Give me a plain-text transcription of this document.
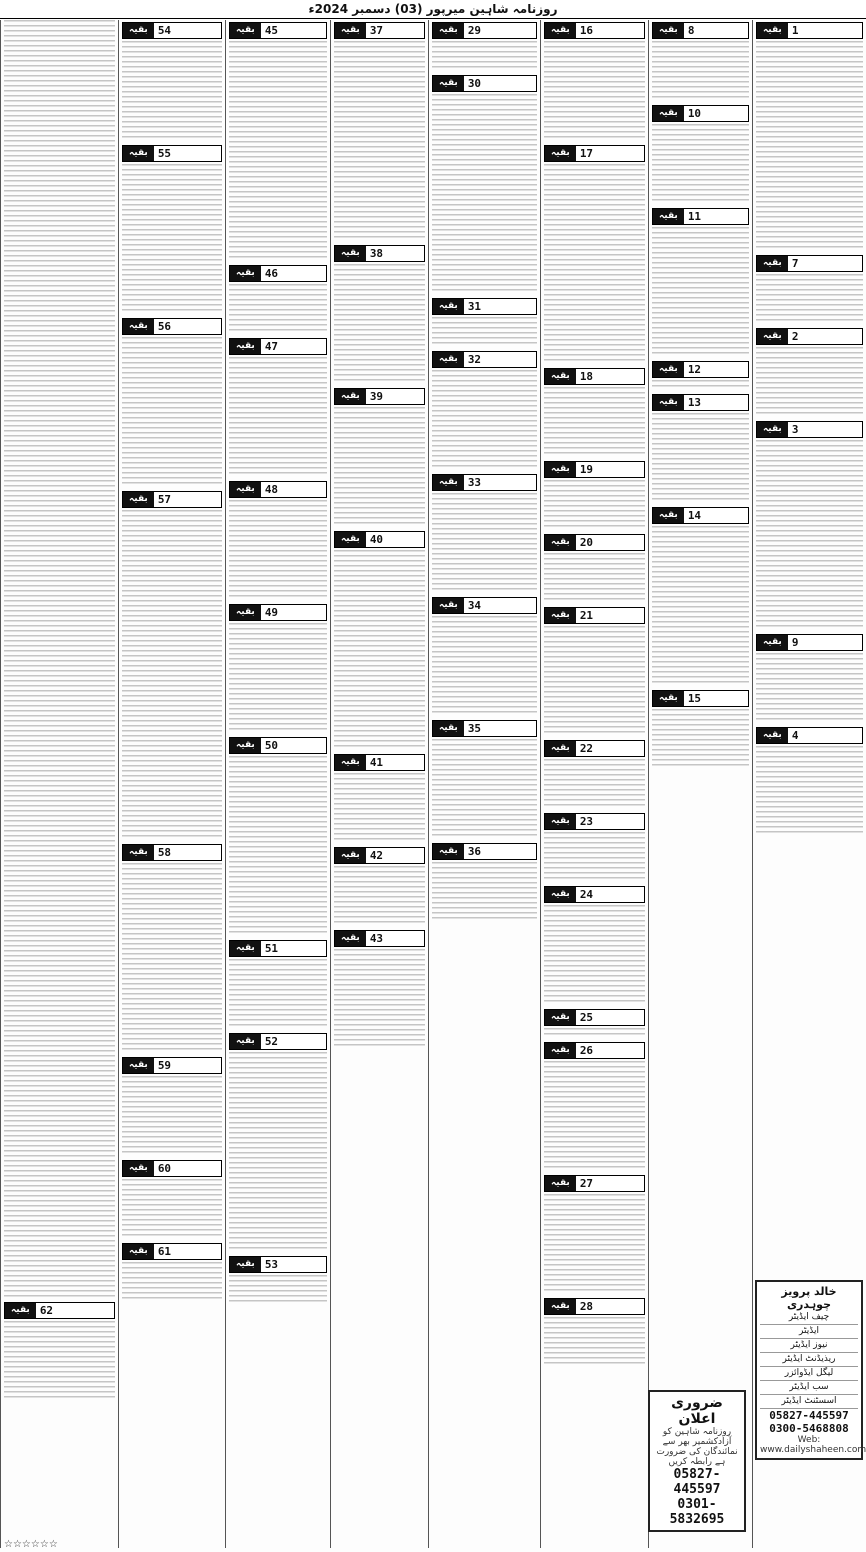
روزنامہ شاہین میرپور (03) دسمبر 2024ء
بقیہ 1
بقیہ 7
بقیہ 2
بقیہ 3
بقیہ 9
بقیہ 4
بقیہ 8
بقیہ 10
بقیہ 11
بقیہ 12
بقیہ 13
بقیہ 14
بقیہ 15
بقیہ 16
بقیہ 17
بقیہ 18
بقیہ 19
بقیہ 20
بقیہ 21
بقیہ 22
بقیہ 23
بقیہ 24
بقیہ 25
بقیہ 26
بقیہ 27
بقیہ 28
بقیہ 29
بقیہ 30
بقیہ 31
بقیہ 32
بقیہ 33
بقیہ 34
بقیہ 35
بقیہ 36
بقیہ 37
بقیہ 38
بقیہ 39
بقیہ 40
بقیہ 41
بقیہ 42
بقیہ 43
بقیہ 45
بقیہ 46
بقیہ 47
بقیہ 48
بقیہ 49
بقیہ 50
بقیہ 51
بقیہ 52
بقیہ 53
بقیہ 54
بقیہ 55
بقیہ 56
بقیہ 57
بقیہ 58
بقیہ 59
بقیہ 60
بقیہ 61
بقیہ 62
ضروری اعلان
روزنامہ شاہین کو آزادکشمیر بھر سے
نمائندگان کی ضرورت ہے رابطہ کریں
05827-445597
0301-5832695
خالد پرویز چوہدری
چیف ایڈیٹر
ایڈیٹر
نیوز ایڈیٹر
ریذیڈنٹ ایڈیٹر
لیگل ایڈوائزر
سب ایڈیٹر
اسسٹنٹ ایڈیٹر
05827-445597
0300-5468808
Web: www.dailyshaheen.com
☆☆☆☆☆☆
